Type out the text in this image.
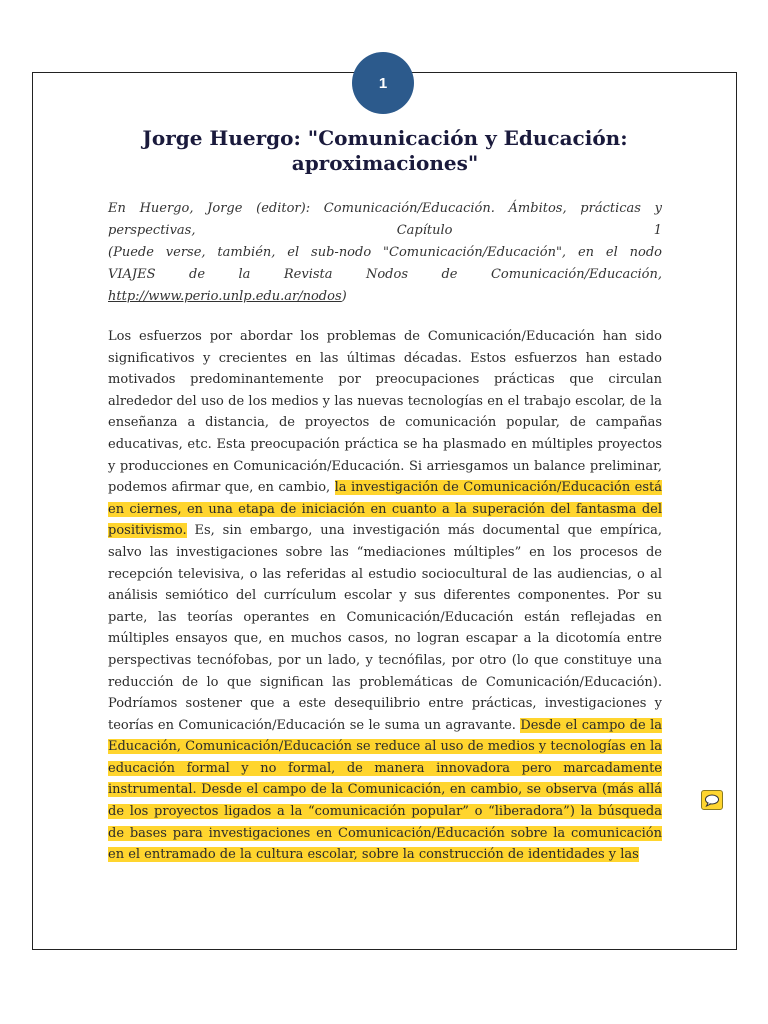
1
Jorge Huergo: "Comunicación y Educación: aproximaciones"
En Huergo, Jorge (editor): Comunicación/Educación. Ámbitos, prácticas y
perspectivas,	Capítulo	1
(Puede verse, también, el sub-nodo "Comunicación/Educación", en el nodo
VIAJES de la Revista Nodos de Comunicación/Educación,
http://www.perio.unlp.edu.ar/nodos)

Los esfuerzos por abordar los problemas de Comunicación/Educación han sido significativos y crecientes en las últimas décadas. Estos esfuerzos han estado motivados predominantemente por preocupaciones prácticas que circulan alrededor del uso de los medios y las nuevas tecnologías en el trabajo escolar, de la enseñanza a distancia, de proyectos de comunicación popular, de campañas educativas, etc. Esta preocupación práctica se ha plasmado en múltiples proyectos y producciones en Comunicación/Educación. Si arriesgamos un balance preliminar, podemos afirmar que, en cambio, la investigación de Comunicación/Educación está en ciernes, en una etapa de iniciación en cuanto a la superación del fantasma del positivismo. Es, sin embargo, una investigación más documental que empírica, salvo las investigaciones sobre las “mediaciones múltiples” en los procesos de recepción televisiva, o las referidas al estudio sociocultural de las audiencias, o al análisis semiótico del currículum escolar y sus diferentes componentes. Por su parte, las teorías operantes en Comunicación/Educación están reflejadas en múltiples ensayos que, en muchos casos, no logran escapar a la dicotomía entre perspectivas tecnófobas, por un lado, y tecnófilas, por otro (lo que constituye una reducción de lo que significan las problemáticas de Comunicación/Educación). Podríamos sostener que a este desequilibrio entre prácticas, investigaciones y teorías en Comunicación/Educación se le suma un agravante. Desde el campo de la Educación, Comunicación/Educación se reduce al uso de medios y tecnologías en la educación formal y no formal, de manera innovadora pero marcadamente instrumental. Desde el campo de la Comunicación, en cambio, se observa (más allá de los proyectos ligados a la “comunicación popular” o “liberadora”) la búsqueda de bases para investigaciones en Comunicación/Educación sobre la comunicación en el entramado de la cultura escolar, sobre la construcción de identidades y las
